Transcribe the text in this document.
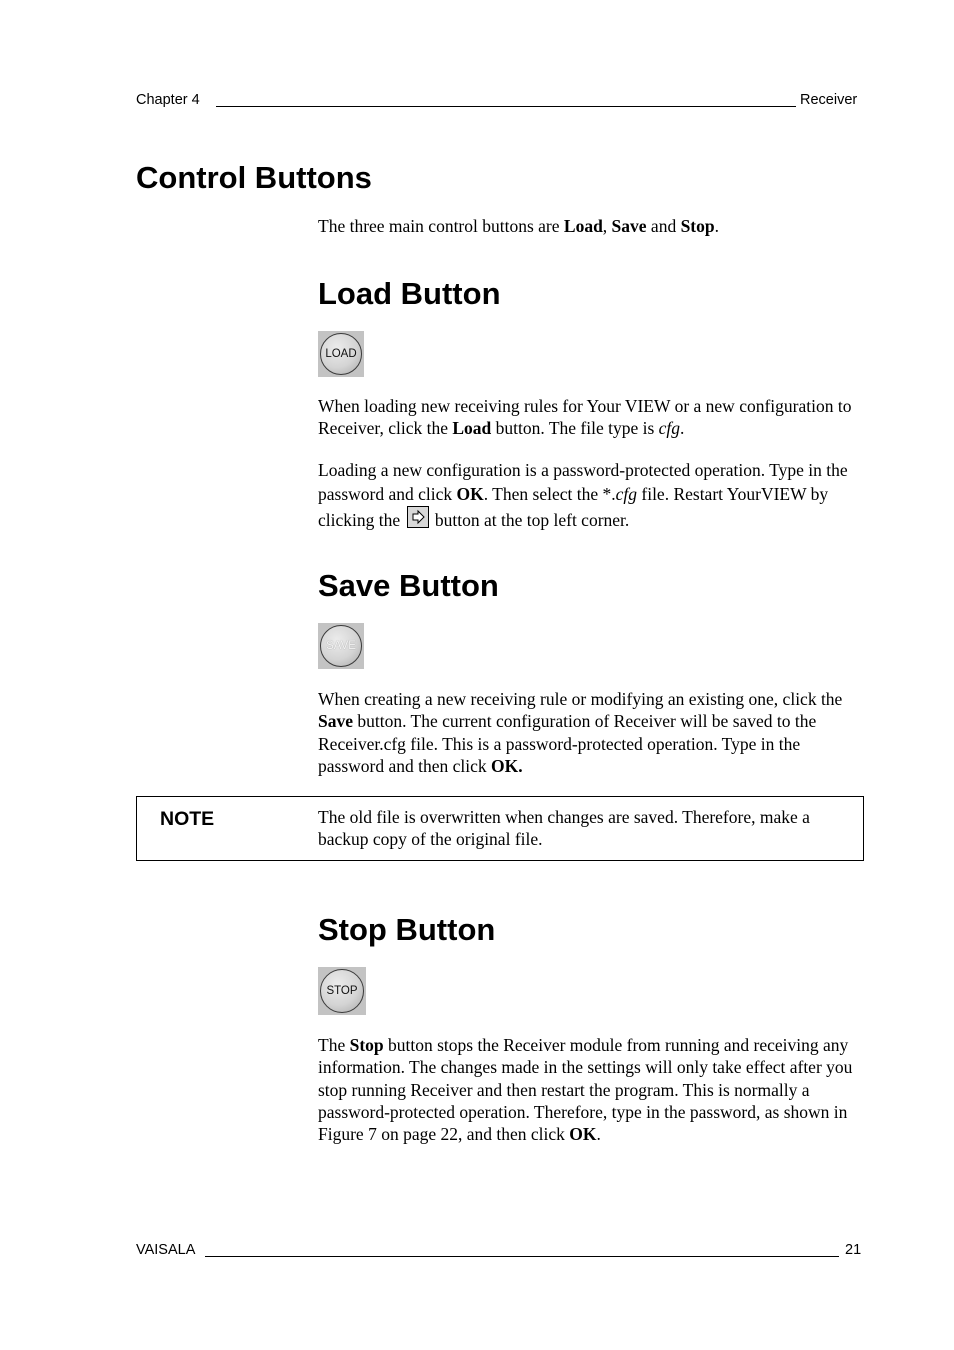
Chapter 4	Receiver
Control Buttons

The three main control buttons are Load, Save and Stop.

Load Button
LOAD

When loading new receiving rules for Your VIEW or a new configuration to Receiver, click the Load button. The file type is cfg.

Loading a new configuration is a password-protected operation. Type in the password and click OK. Then select the *.cfg file. Restart YourVIEW by clicking the
button at the top left corner.

Save Button
SAVE

When creating a new receiving rule or modifying an existing one, click the Save button. The current configuration of Receiver will be saved to the Receiver.cfg file. This is a password-protected operation. Type in the password and then click OK.

NOTE	The old file is overwritten when changes are saved. Therefore, make a backup copy of the original file.
Stop Button
STOP

The Stop button stops the Receiver module from running and receiving any information. The changes made in the settings will only take effect after you stop running Receiver and then restart the program. This is normally a password-protected operation. Therefore, type in the password, as shown in Figure 7 on page 22, and then click OK.

VAISALA	21
